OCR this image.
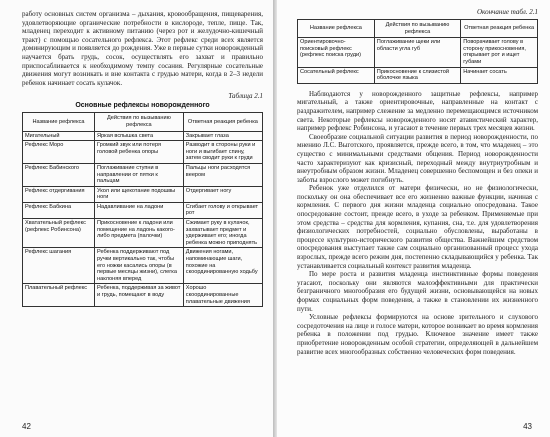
работу основных систем организма – дыхания, кровообращения, пищеварения, удовлетворяющие органические потребности в кислороде, тепле, пище. Так, младенец переходит к активному питанию (через рот и желудочно-кишечный тракт) с помощью сосательного рефлекса. Этот рефлекс среди всех является доминирующим и появляется до рождения. Уже в первые сутки новорожденный научается брать грудь, сосок, осуществлять его захват и правильно приспосабливается к необходимому темпу сосания. Регулярные сосательные движения могут возникать и вне контакта с грудью матери, когда в 2–3 недели ребенок начинает сосать кулачок.

Таблица 2.1
Основные рефлексы новорожденного
Название рефлекса	Действия по вызыванию рефлекса	Ответная реакция ребенка
Мигательный	Яркая вспышка света	Закрывает глаза
Рефлекс Моро	Громкий звук или потеря головой ребенка опоры	Разводит в стороны руки и ноги и выгибает спину, затем сводит руки к груди
Рефлекс Бабинского	Поглаживание ступни в направлении от пятки к пальцам	Пальцы ноги расходятся веером
Рефлекс отдергивания	Укол или щекотание подошвы ноги	Отдергивает ногу
Рефлекс Бабкина	Надавливание на ладони	Сгибает голову и открывает рот
Хватательный рефлекс (рефлекс Робинсона)	Прикосновение к ладони или помещение на ладонь какого-либо предмета (палочки)	Сжимает руку в кулачок, захватывает предмет и удерживает его; иногда ребенка можно приподнять
Рефлекс шагания	Ребенка поддерживают под ручки вертикально так, чтобы его ножки касались опоры (в первые месяцы жизни), слегка наклоняя вперед	Движения ногами, напоминающие шаги, похожие на скоординированную ходьбу
Плавательный рефлекс	Ребенка, поддерживая за живот и грудь, помещают в воду	Хорошо скоординированные плавательные движения
42
Окончание табл. 2.1
Название рефлекса	Действия по вызыванию рефлекса	Ответная реакция ребенка
Ориентировочно-поисковый рефлекс (рефлекс поиска груди)	Поглаживание щеки или области угла губ	Поворачивает голову в сторону прикосновения, открывает рот и ищет губами
Сосательный рефлекс	Прикосновение к слизистой оболочке языка	Начинает сосать

Наблюдаются у новорожденного защитные рефлексы, например мигательный, а также ориентировочные, направленные на контакт с раздражителем, например слежение за медленно перемещающимся источником света. Некоторые рефлексы новорожденного носят атавистический характер, например рефлекс Робинсона, и угасают в течение первых трех месяцев жизни.

Своеобразие социальной ситуации развития в период новорожденности, по мнению Л.С. Выготского, проявляется, прежде всего, в том, что младенец – это существо с минимальными средствами общения. Период новорожденности часто характеризуют как кризисный, переходный между внутриутробным и внеутробным образом жизни. Младенец совершенно беспомощен и без опеки и заботы взрослого может погибнуть.

Ребенок уже отделился от матери физически, но не физиологически, поскольку он она обеспечивает все его жизненно важные функции, начиная с кормления. С первого дня жизни младенца социально опосредована. Такое опосредование состоит, прежде всего, в уходе за ребенком. Применяемые при этом средства – средства для кормления, купания, сна, т.е. для удовлетворения физиологических потребностей, социально обусловлены, выработаны в процессе культурно-исторического развития общества. Важнейшим средством опосредования выступает также сам социально организованный процесс ухода взрослых, прежде всего режим дня, постепенно складывающийся у ребенка. Так устанавливается социальный контекст развития младенца.

По мере роста и развития младенца инстинктивные формы поведения угасают, поскольку они являются малоэффективными для практически безграничного многообразия его будущей жизни, основывающейся на новых формах социальных форм поведения, а также в становлении их жизненного пути.

Условные рефлексы формируются на основе зрительного и слухового сосредоточения на лице и голосе матери, которое возникает во время кормления ребенка в положении под грудью. Ключевое значение имеет также приобретение новорожденным особой стратегии, определяющей в дальнейшем развитие всех многообразных собственно человеческих форм поведения.

43
